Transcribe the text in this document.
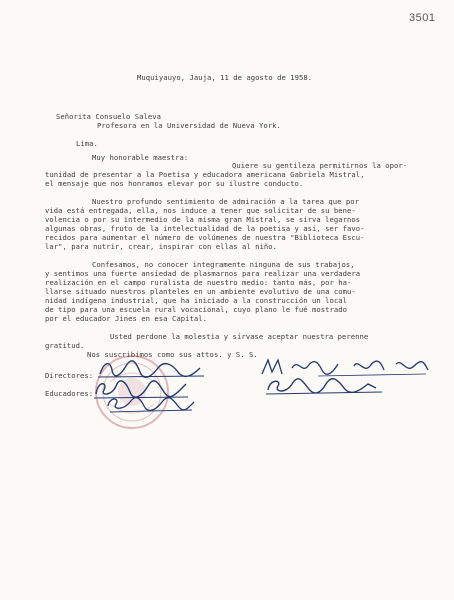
3501
Muquiyauyo, Jauja, 11 de agosto de 1958.
Señorita Consuelo Saleva
Profesora en la Universidad de Nueva York.
Lima.
Muy honorable maestra:
Quiere su gentileza permitirnos la opor-
tunidad de presentar a la Poetisa y educadora americana Gabriela Mistral,
el mensaje que nos honramos elevar por su ilustre conducto.
Nuestro profundo sentimiento de admiración a la tarea que por
vida está entregada, ella, nos induce a tener que solicitar de su bene-
volencia o por su intermedio de la misma gran Mistral, se sirva legarnos
algunas obras, fruto de la intelectualidad de la poetisa y así, ser favo-
recidos para aumentar el número de volúmenes de nuestra "Biblioteca Escu-
lar", para nutrir, crear, inspirar con ellas al niño.
Confesamos, no conocer integramente ninguna de sus trabajos,
y sentimos una fuerte ansiedad de plasmarnos para realizar una verdadera
realización en el campo ruralista de nuestro medio: tanto más, por ha-
llarse situado nuestros planteles en un ambiente evolutivo de una comu-
nidad indígena industrial, que ha iniciado a la construcción un local
de tipo para una escuela rural vocacional, cuyo plano le fué mostrado
por el educador Jines en esa Capital.
Usted perdone la molestia y sírvase aceptar nuestra perenne
gratitud.
Nos suscribimos como sus attos. y S. S.
Directores:
Educadores:
